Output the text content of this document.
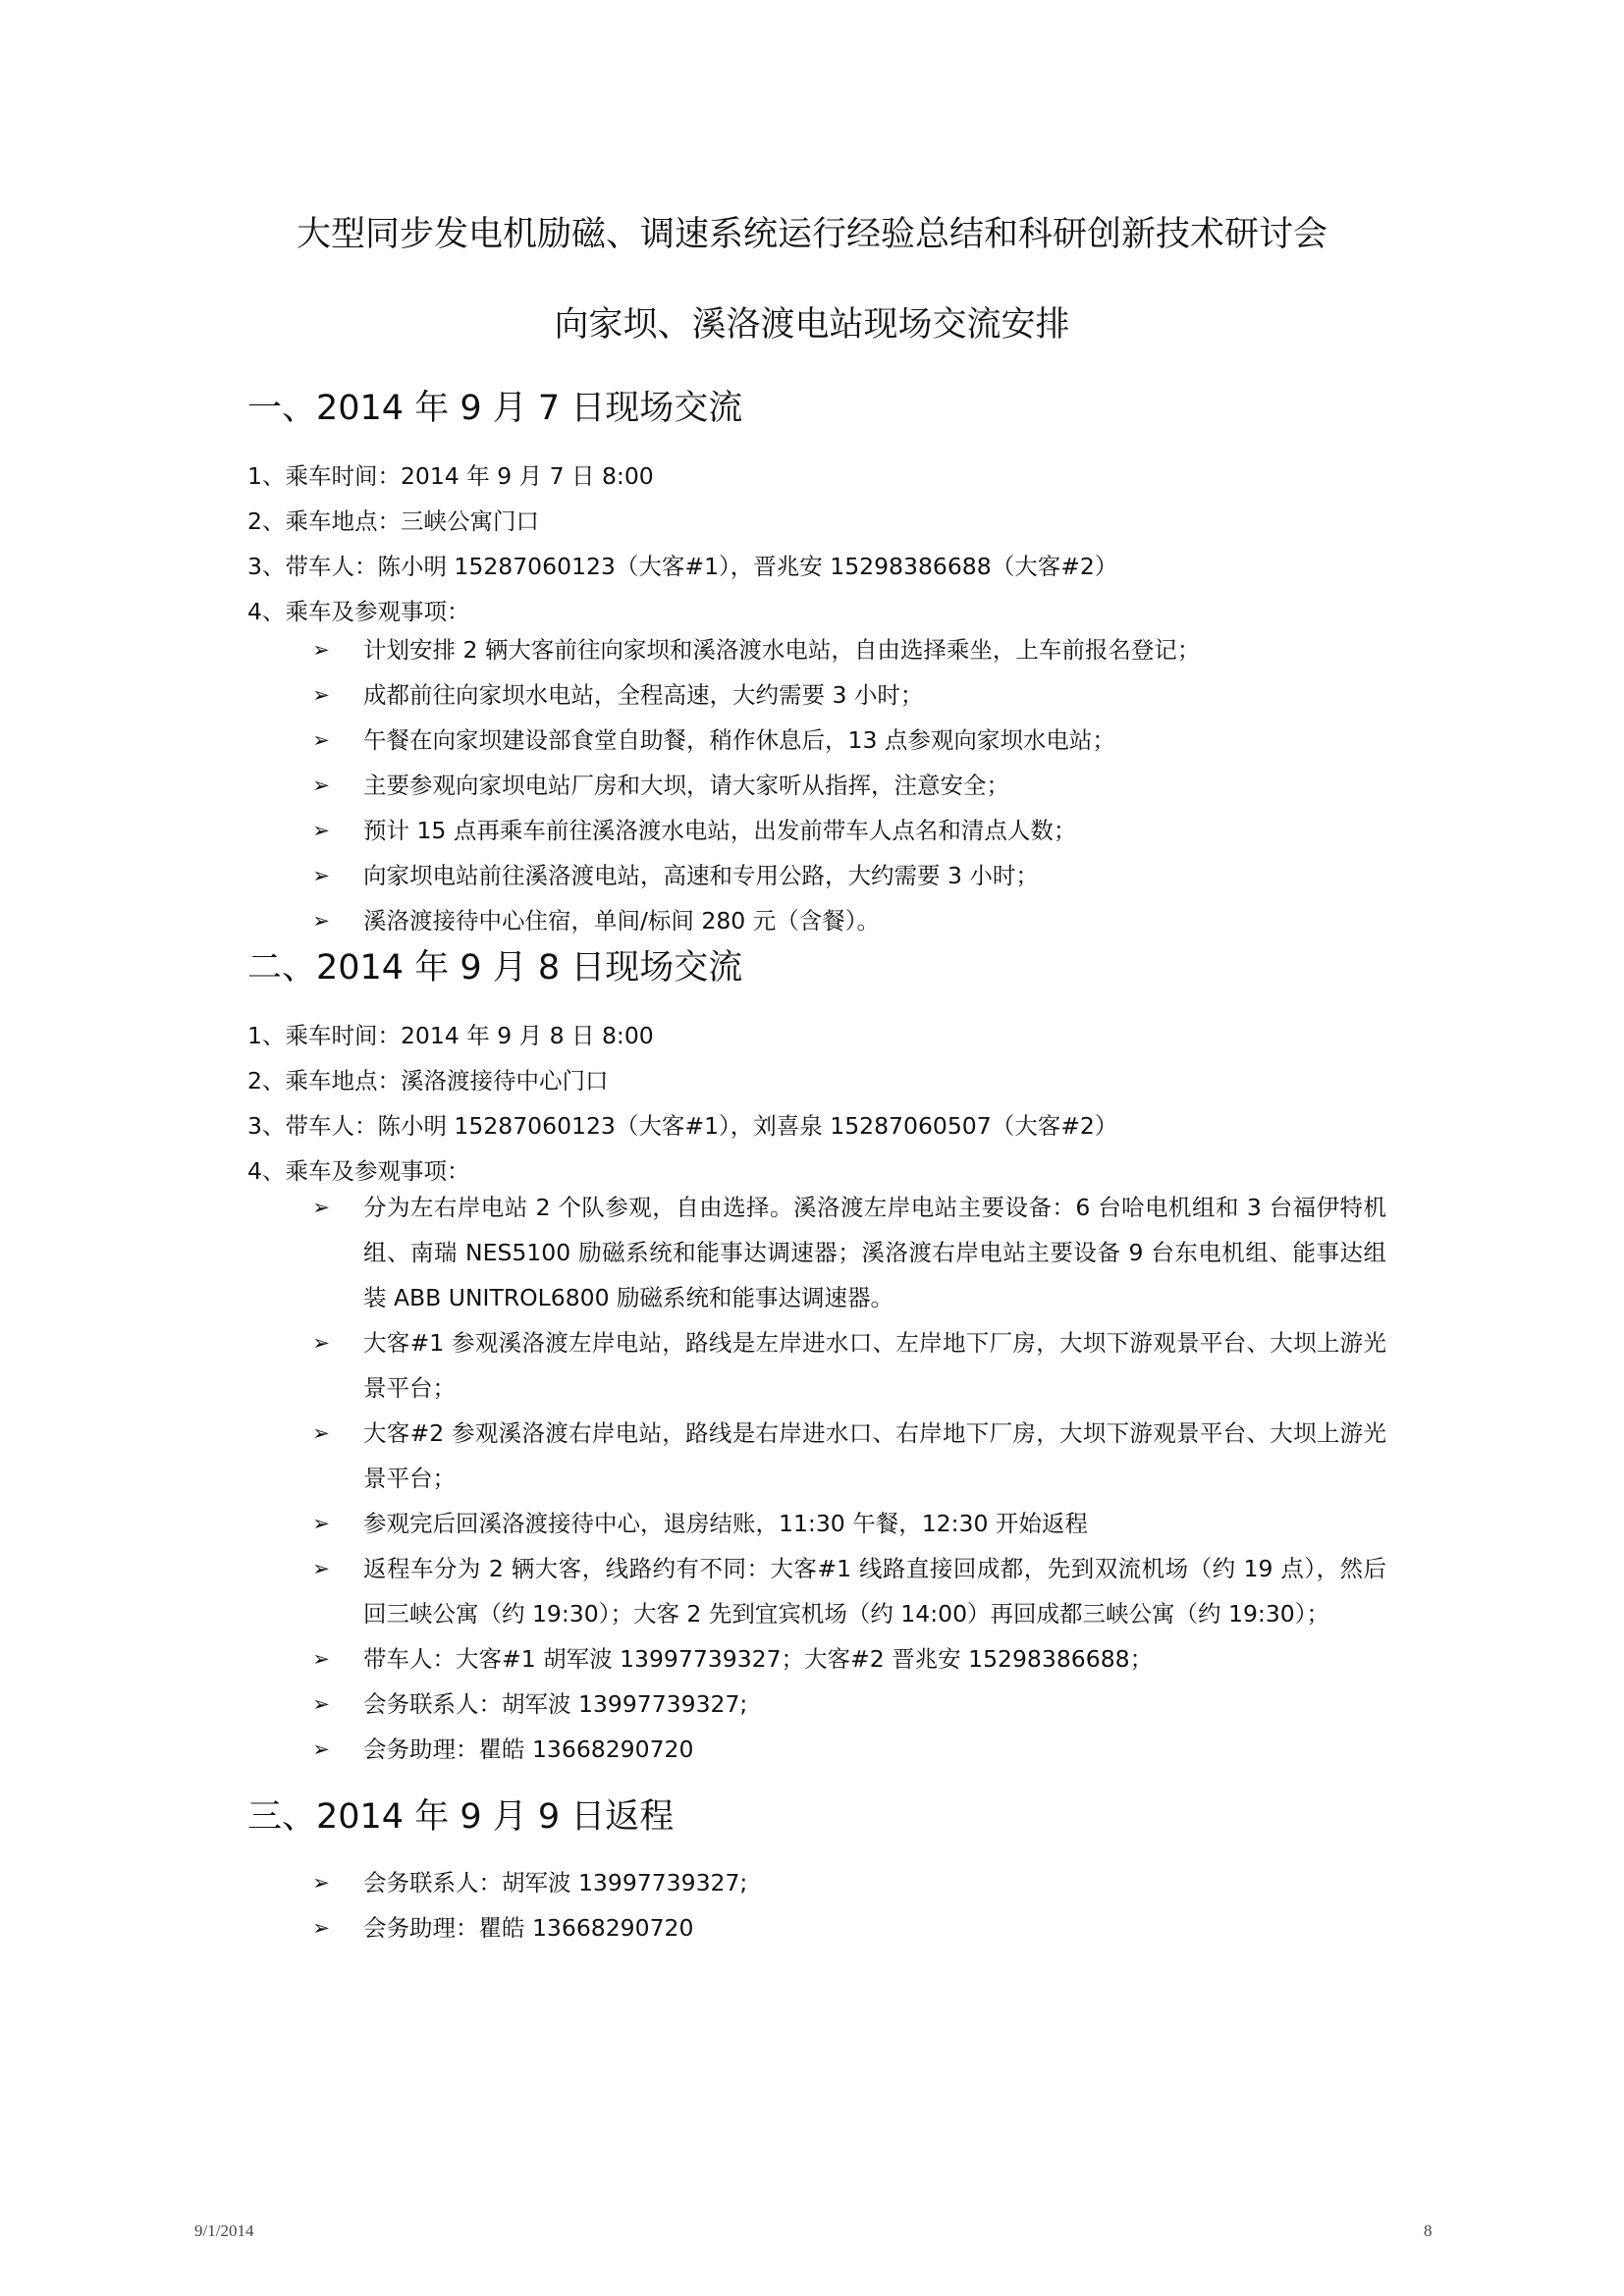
大型同步发电机励磁、调速系统运行经验总结和科研创新技术研讨会
向家坝、溪洛渡电站现场交流安排
一、2014 年 9 月 7 日现场交流
1、乘车时间：2014 年 9 月 7 日 8:00
2、乘车地点：三峡公寓门口
3、带车人：陈小明 15287060123（大客#1），晋兆安 15298386688（大客#2）
4、乘车及参观事项：
➢ 计划安排 2 辆大客前往向家坝和溪洛渡水电站，自由选择乘坐，上车前报名登记；
➢ 成都前往向家坝水电站，全程高速，大约需要 3 小时；
➢ 午餐在向家坝建设部食堂自助餐，稍作休息后，13 点参观向家坝水电站；
➢ 主要参观向家坝电站厂房和大坝，请大家听从指挥，注意安全；
➢ 预计 15 点再乘车前往溪洛渡水电站，出发前带车人点名和清点人数；
➢ 向家坝电站前往溪洛渡电站，高速和专用公路，大约需要 3 小时；
➢ 溪洛渡接待中心住宿，单间/标间 280 元（含餐）。
二、2014 年 9 月 8 日现场交流
1、乘车时间：2014 年 9 月 8 日 8:00
2、乘车地点：溪洛渡接待中心门口
3、带车人：陈小明 15287060123（大客#1），刘喜泉 15287060507（大客#2）
4、乘车及参观事项：
➢ 分为左右岸电站 2 个队参观，自由选择。溪洛渡左岸电站主要设备：6 台哈电机组和 3 台福伊特机组、南瑞 NES5100 励磁系统和能事达调速器；溪洛渡右岸电站主要设备 9 台东电机组、能事达组装 ABB UNITROL6800 励磁系统和能事达调速器。
➢ 大客#1 参观溪洛渡左岸电站，路线是左岸进水口、左岸地下厂房，大坝下游观景平台、大坝上游光景平台；
➢ 大客#2 参观溪洛渡右岸电站，路线是右岸进水口、右岸地下厂房，大坝下游观景平台、大坝上游光景平台；
➢ 参观完后回溪洛渡接待中心，退房结账，11:30 午餐，12:30 开始返程
➢ 返程车分为 2 辆大客，线路约有不同：大客#1 线路直接回成都，先到双流机场（约 19 点），然后回三峡公寓（约 19:30）；大客 2 先到宜宾机场（约 14:00）再回成都三峡公寓（约 19:30）；
➢ 带车人：大客#1 胡军波 13997739327；大客#2 晋兆安 15298386688；
➢ 会务联系人：胡军波 13997739327;
➢ 会务助理：瞿皓 13668290720
三、2014 年 9 月 9 日返程
➢ 会务联系人：胡军波 13997739327;
➢ 会务助理：瞿皓 13668290720
9/1/2014	8
